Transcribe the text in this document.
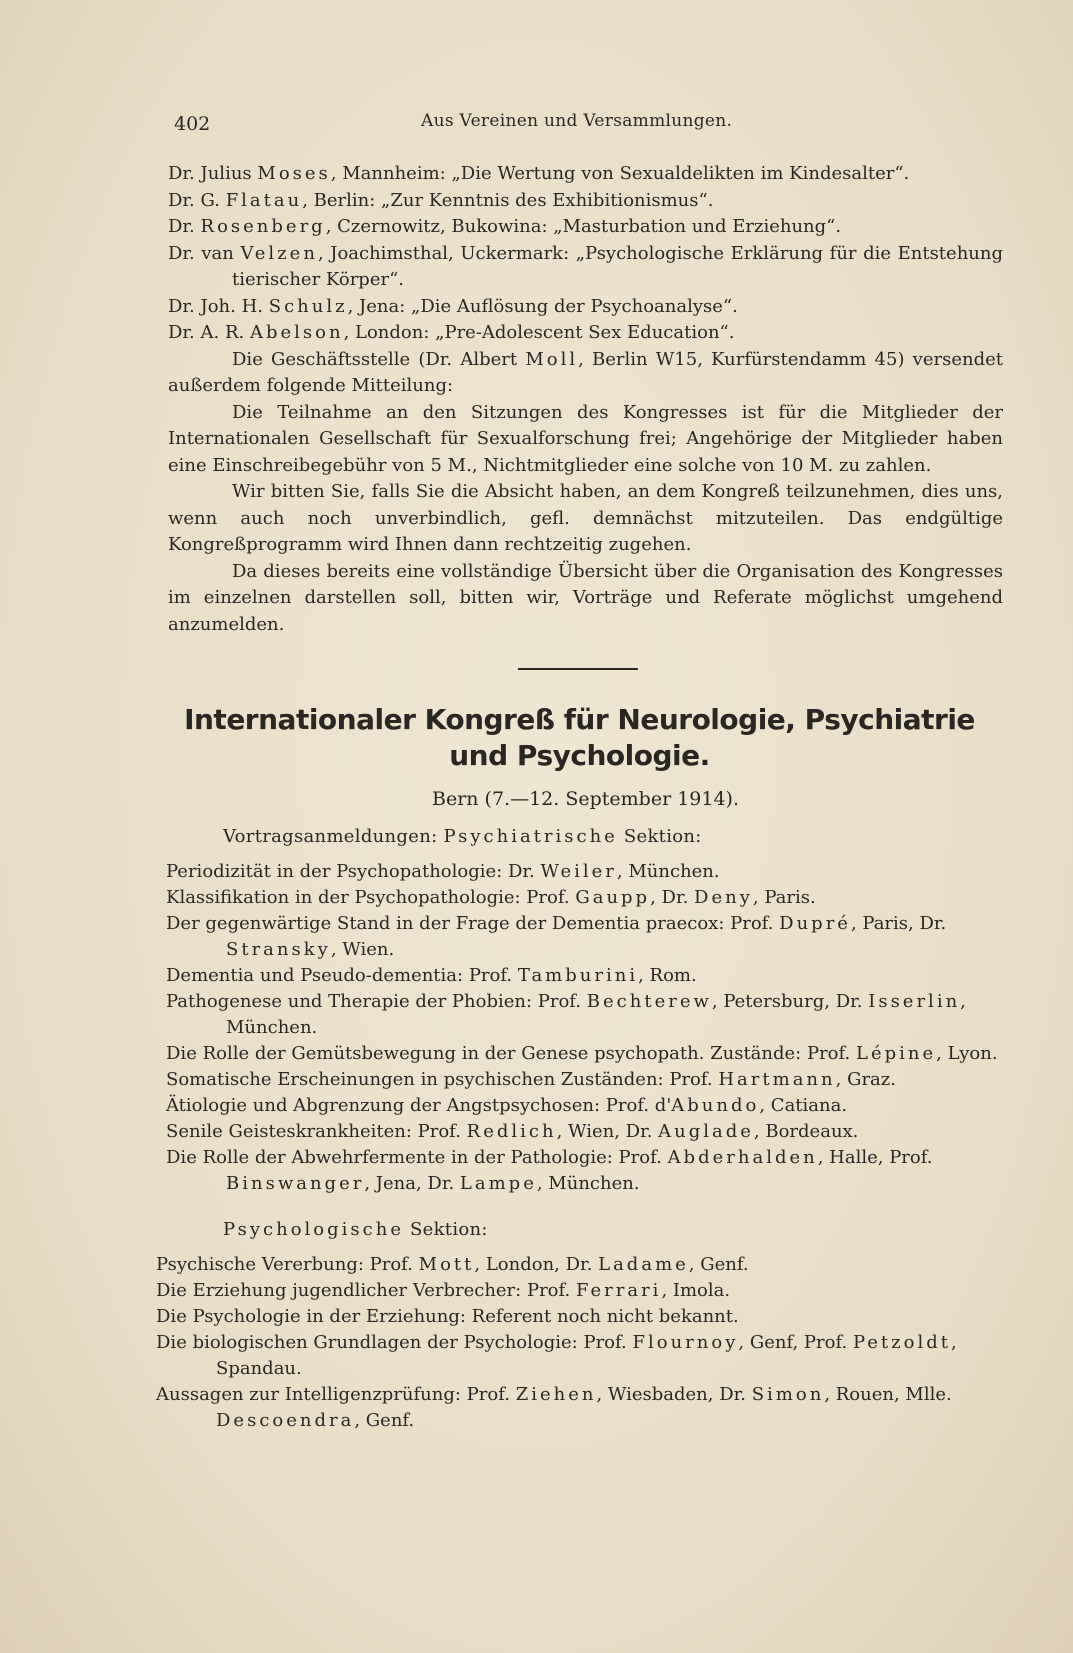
402	Aus Vereinen und Versammlungen.

Dr. Julius Moses, Mannheim: „Die Wertung von Sexualdelikten im Kindesalter“.

Dr. G. Flatau, Berlin: „Zur Kenntnis des Exhibitionismus“.

Dr. Rosenberg, Czernowitz, Bukowina: „Masturbation und Erziehung“.

Dr. van Velzen, Joachimsthal, Uckermark: „Psychologische Erklärung für die Entstehung tierischer Körper“.

Dr. Joh. H. Schulz, Jena: „Die Auflösung der Psychoanalyse“.

Dr. A. R. Abelson, London: „Pre-Adolescent Sex Education“.

Die Geschäftsstelle (Dr. Albert Moll, Berlin W15, Kurfürstendamm 45) versendet außerdem folgende Mitteilung:

Die Teilnahme an den Sitzungen des Kongresses ist für die Mitglieder der Internationalen Gesellschaft für Sexualforschung frei; Angehörige der Mitglieder haben eine Einschreibegebühr von 5 M., Nichtmitglieder eine solche von 10 M. zu zahlen.

Wir bitten Sie, falls Sie die Absicht haben, an dem Kongreß teilzunehmen, dies uns, wenn auch noch unverbindlich, gefl. demnächst mitzuteilen. Das endgültige Kongreßprogramm wird Ihnen dann rechtzeitig zugehen.

Da dieses bereits eine vollständige Übersicht über die Organisation des Kongresses im einzelnen darstellen soll, bitten wir, Vorträge und Referate möglichst umgehend anzumelden.

Internationaler Kongreß für Neurologie, Psychiatrie
und Psychologie.
Bern (7.—12. September 1914).
Vortragsanmeldungen: Psychiatrische Sektion:

Periodizität in der Psychopathologie: Dr. Weiler, München.

Klassifikation in der Psychopathologie: Prof. Gaupp, Dr. Deny, Paris.

Der gegenwärtige Stand in der Frage der Dementia praecox: Prof. Dupré, Paris, Dr. Stransky, Wien.

Dementia und Pseudo-dementia: Prof. Tamburini, Rom.

Pathogenese und Therapie der Phobien: Prof. Bechterew, Petersburg, Dr. Isserlin, München.

Die Rolle der Gemütsbewegung in der Genese psychopath. Zustände: Prof. Lépine, Lyon.

Somatische Erscheinungen in psychischen Zuständen: Prof. Hartmann, Graz.

Ätiologie und Abgrenzung der Angstpsychosen: Prof. d'Abundo, Catiana.

Senile Geisteskrankheiten: Prof. Redlich, Wien, Dr. Auglade, Bordeaux.

Die Rolle der Abwehrfermente in der Pathologie: Prof. Abderhalden, Halle, Prof. Binswanger, Jena, Dr. Lampe, München.

Psychologische Sektion:

Psychische Vererbung: Prof. Mott, London, Dr. Ladame, Genf.

Die Erziehung jugendlicher Verbrecher: Prof. Ferrari, Imola.

Die Psychologie in der Erziehung: Referent noch nicht bekannt.

Die biologischen Grundlagen der Psychologie: Prof. Flournoy, Genf, Prof. Petzoldt, Spandau.

Aussagen zur Intelligenzprüfung: Prof. Ziehen, Wiesbaden, Dr. Simon, Rouen, Mlle. Descoendra, Genf.
